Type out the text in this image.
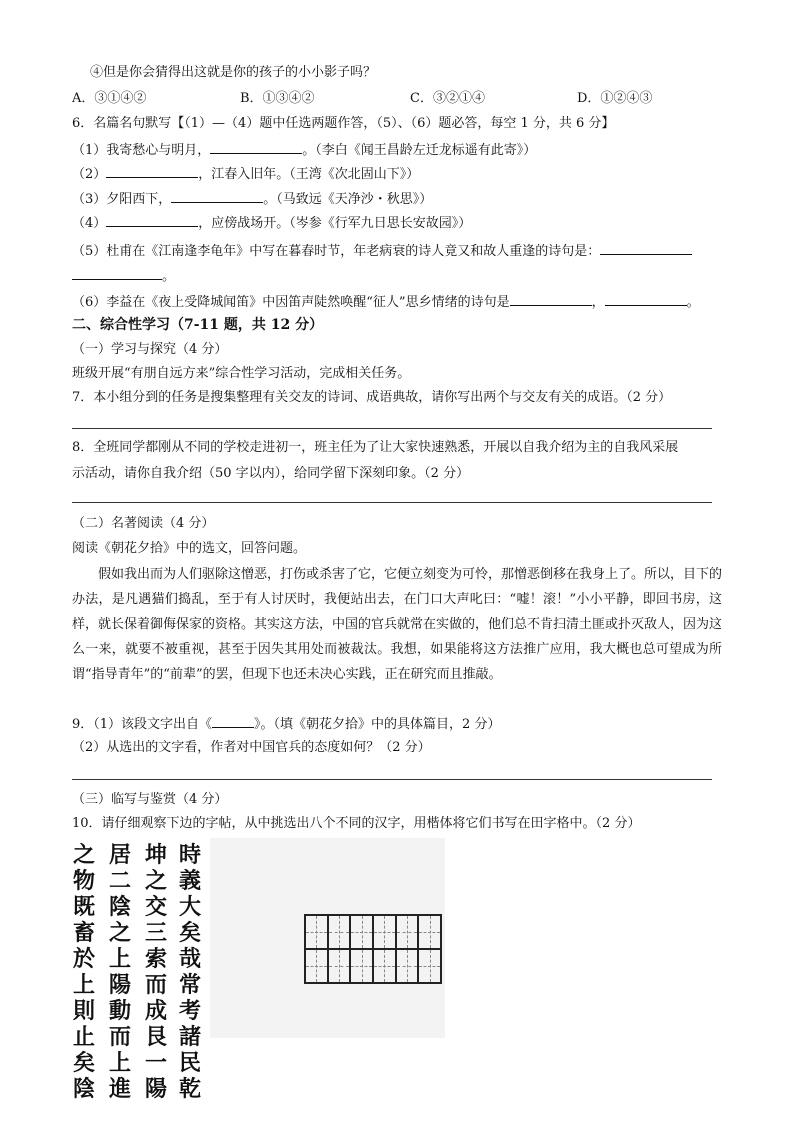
④但是你会猜得出这就是你的孩子的小小影子吗？
A．③①④②	B．①③④②	C．③②①④	D．①②④③
6．名篇名句默写【（1）—（4）题中任选两题作答，（5）、（6）题必答，每空 1 分，共 6 分】
（1）我寄愁心与明月，	。（李白《闻王昌龄左迁龙标遥有此寄》）
（2）	，江春入旧年。（王湾《次北固山下》）
（3）夕阳西下，	。（马致远《天净沙・秋思》）
（4）	，应傍战场开。（岑参《行军九日思长安故园》）
（5）杜甫在《江南逢李龟年》中写在暮春时节，年老病衰的诗人竟又和故人重逢的诗句是：
。
（6）李益在《夜上受降城闻笛》中因笛声陡然唤醒“征人”思乡情绪的诗句是	，	。
二、综合性学习（7-11 题，共 12 分）
（一）学习与探究（4 分）
班级开展“有朋自远方来”综合性学习活动，完成相关任务。
7．本小组分到的任务是搜集整理有关交友的诗词、成语典故，请你写出两个与交友有关的成语。（2 分）
8．全班同学都刚从不同的学校走进初一，班主任为了让大家快速熟悉，开展以自我介绍为主的自我风采展
示活动，请你自我介绍（50 字以内），给同学留下深刻印象。（2 分）
（二）名著阅读（4 分）
阅读《朝花夕拾》中的选文，回答问题。
假如我出而为人们驱除这憎恶，打伤或杀害了它，它便立刻变为可怜，那憎恶倒移在我身上了。所以，目下的办法，是凡遇猫们捣乱，至于有人讨厌时，我便站出去，在门口大声叱曰：“嘘！滚！”小小平静，即回书房，这样，就长保着御侮保家的资格。其实这方法，中国的官兵就常在实做的，他们总不肯扫清土匪或扑灭敌人，因为这么一来，就要不被重视，甚至于因失其用处而被裁汰。我想，如果能将这方法推广应用，我大概也总可望成为所谓“指导青年”的“前辈”的罢，但现下也还未决心实践，正在研究而且推敲。
9．（1）该段文字出自《	》。（填《朝花夕拾》中的具体篇目，2 分）
（2）从选出的文字看，作者对中国官兵的态度如何？（2 分）
（三）临写与鉴赏（4 分）
10．请仔细观察下边的字帖，从中挑选出八个不同的汉字，用楷体将它们书写在田字格中。（2 分）
之物既畜於上則止矣陰
居二陰之上陽動而上進
坤之交三索而成艮一陽
時義大矣哉常考諸民乾
